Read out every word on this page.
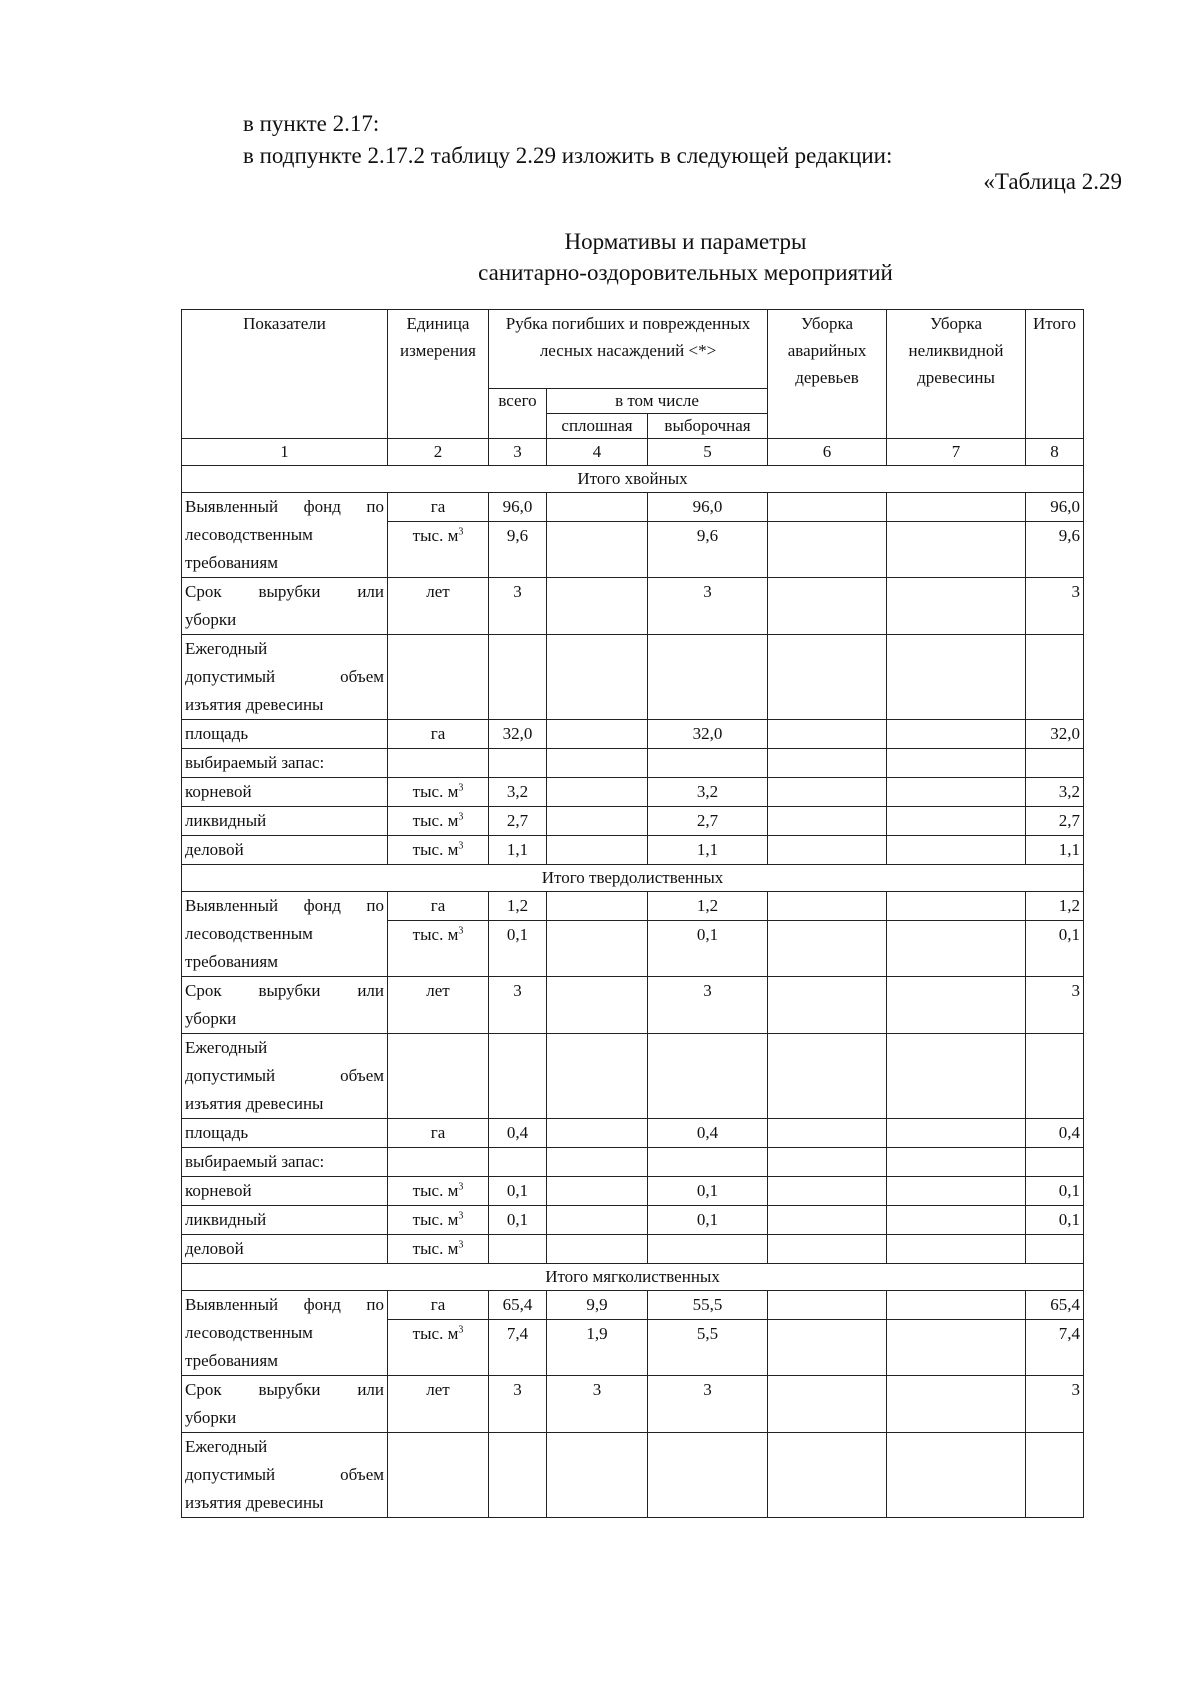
в пункте 2.17:
в подпункте 2.17.2 таблицу 2.29 изложить в следующей редакции:
«Таблица 2.29
Нормативы и параметры
санитарно-оздоровительных мероприятий
Показатели	Единица измерения	Рубка погибших и поврежденных лесных насаждений <*>			Уборка аварийных деревьев	Уборка неликвидной древесины	Итого
		всего	в том числе				
			сплошная	выборочная			
1	2	3	4	5	6	7	8
Итого хвойных							

Выявленный фонд по
лесоводственным
требованиям	га	96,0		96,0			96,0
	тыс. $м^3$	9,6		9,6			9,6

Срок вырубки или
уборки	лет	3		3			3

Ежегодный
допустимый объем
изъятия древесины							

площадь	га	32,0		32,0			32,0
выбираемый запас:							
корневой	тыс. $м^3$	3,2		3,2			3,2
ликвидный	тыс. $м^3$	2,7		2,7			2,7
деловой	тыс. $м^3$	1,1		1,1			1,1
Итого твердолиственных							

Выявленный фонд по
лесоводственным
требованиям	га	1,2		1,2			1,2
	тыс. $м^3$	0,1		0,1			0,1

Срок вырубки или
уборки	лет	3		3			3

Ежегодный
допустимый объем
изъятия древесины							

площадь	га	0,4		0,4			0,4
выбираемый запас:							
корневой	тыс. $м^3$	0,1		0,1			0,1
ликвидный	тыс. $м^3$	0,1		0,1			0,1
деловой	тыс. $м^3$						
Итого мягколиственных							

Выявленный фонд по
лесоводственным
требованиям	га	65,4	9,9	55,5			65,4
	тыс. $м^3$	7,4	1,9	5,5			7,4

Срок вырубки или
уборки	лет	3	3	3			3

Ежегодный
допустимый объем
изъятия древесины							
